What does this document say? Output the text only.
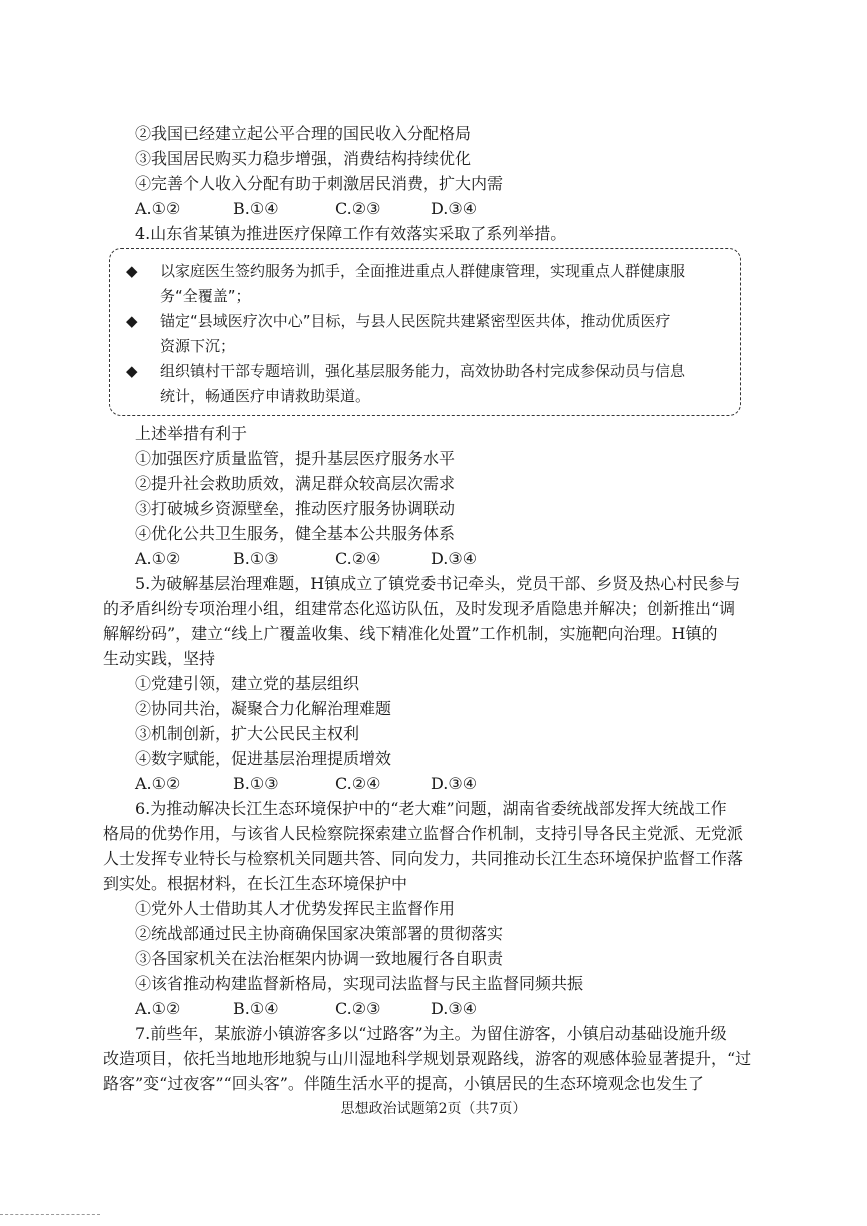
②我国已经建立起公平合理的国民收入分配格局
③我国居民购买力稳步增强，消费结构持续优化
④完善个人收入分配有助于刺激居民消费，扩大内需
A.①②	B.①④	C.②③	D.③④
4.山东省某镇为推进医疗保障工作有效落实采取了系列举措。
◆ 以家庭医生签约服务为抓手，全面推进重点人群健康管理，实现重点人群健康服
务“全覆盖”；
◆ 锚定“县域医疗次中心”目标，与县人民医院共建紧密型医共体，推动优质医疗
资源下沉；
◆ 组织镇村干部专题培训，强化基层服务能力，高效协助各村完成参保动员与信息
统计，畅通医疗申请救助渠道。
上述举措有利于
①加强医疗质量监管，提升基层医疗服务水平
②提升社会救助质效，满足群众较高层次需求
③打破城乡资源壁垒，推动医疗服务协调联动
④优化公共卫生服务，健全基本公共服务体系
A.①②	B.①③	C.②④	D.③④
5.为破解基层治理难题，H镇成立了镇党委书记牵头，党员干部、乡贤及热心村民参与
的矛盾纠纷专项治理小组，组建常态化巡访队伍，及时发现矛盾隐患并解决；创新推出“调
解解纷码”，建立“线上广覆盖收集、线下精准化处置”工作机制，实施靶向治理。H镇的
生动实践，坚持
①党建引领，建立党的基层组织
②协同共治，凝聚合力化解治理难题
③机制创新，扩大公民民主权利
④数字赋能，促进基层治理提质增效
A.①②	B.①③	C.②④	D.③④
6.为推动解决长江生态环境保护中的“老大难”问题，湖南省委统战部发挥大统战工作
格局的优势作用，与该省人民检察院探索建立监督合作机制，支持引导各民主党派、无党派
人士发挥专业特长与检察机关同题共答、同向发力，共同推动长江生态环境保护监督工作落
到实处。根据材料，在长江生态环境保护中
①党外人士借助其人才优势发挥民主监督作用
②统战部通过民主协商确保国家决策部署的贯彻落实
③各国家机关在法治框架内协调一致地履行各自职责
④该省推动构建监督新格局，实现司法监督与民主监督同频共振
A.①②	B.①④	C.②③	D.③④
7.前些年，某旅游小镇游客多以“过路客”为主。为留住游客，小镇启动基础设施升级
改造项目，依托当地地形地貌与山川湿地科学规划景观路线，游客的观感体验显著提升，“过
路客”变“过夜客”“回头客”。伴随生活水平的提高，小镇居民的生态环境观念也发生了
思想政治试题第2页（共7页）
